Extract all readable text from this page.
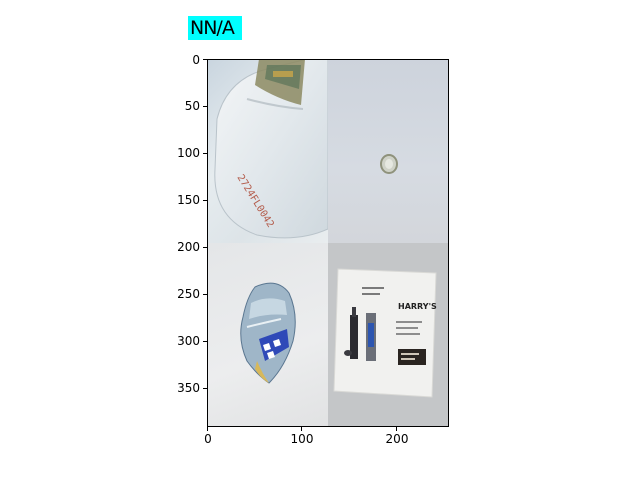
2724FL0042
HARRY'S
NN/A
0	100	200
0
50
100
150
200
250
300
350
